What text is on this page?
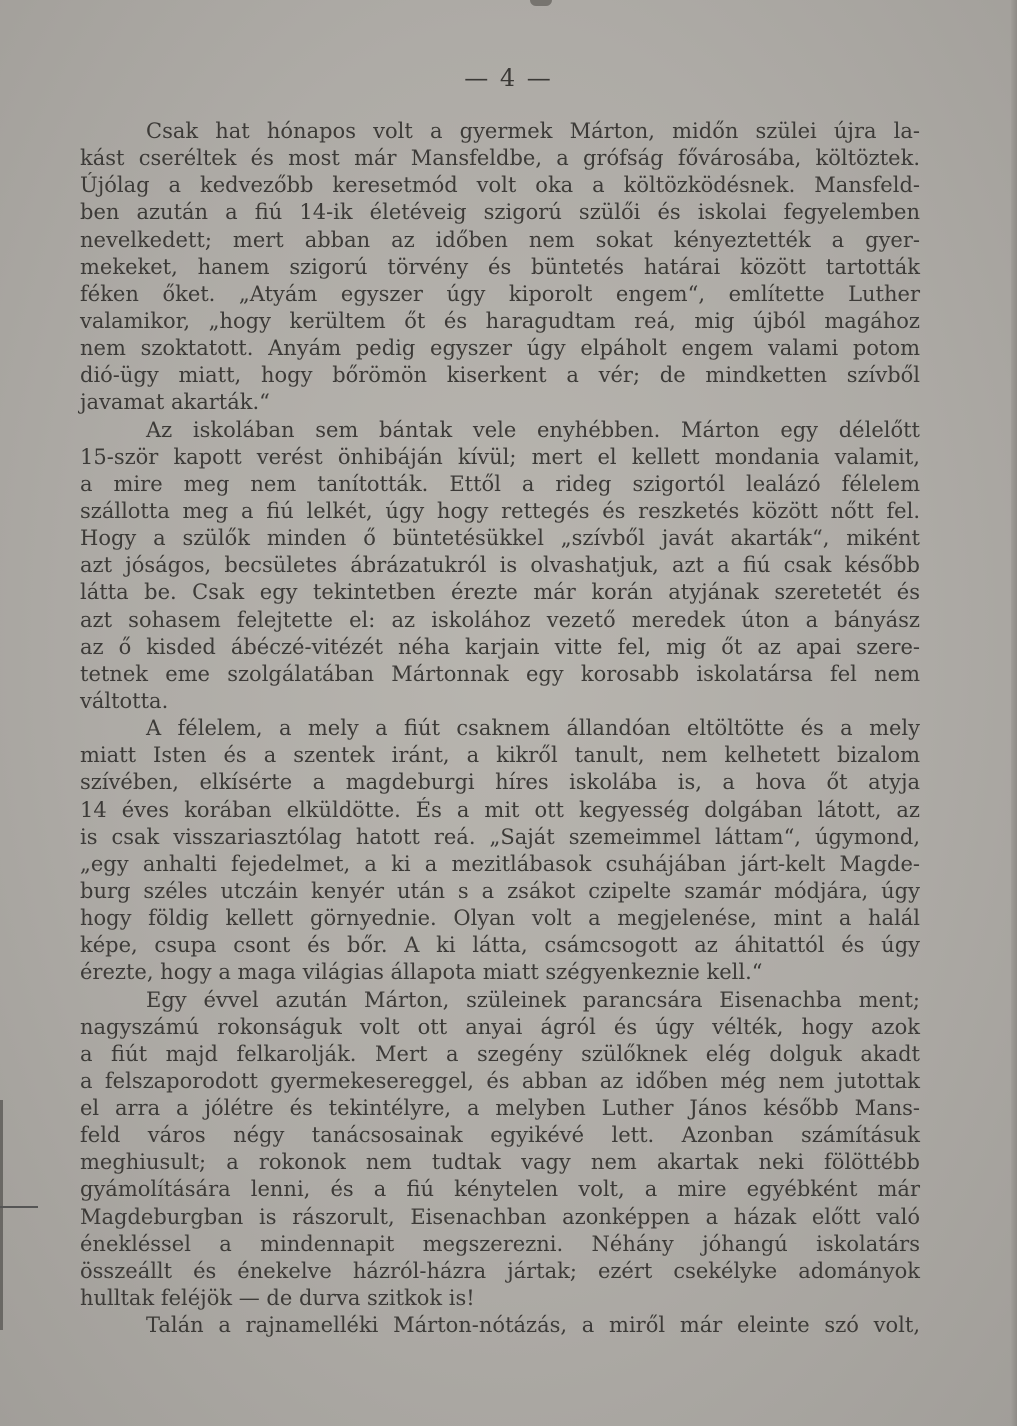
— 4 —
Csak hat hónapos volt a gyermek Márton, midőn szülei újra la-
kást cseréltek és most már Mansfeldbe, a grófság fővárosába, költöztek.
Újólag a kedvezőbb keresetmód volt oka a költözködésnek. Mansfeld-
ben azután a fiú 14-ik életéveig szigorú szülői és iskolai fegyelemben
nevelkedett; mert abban az időben nem sokat kényeztették a gyer-
mekeket, hanem szigorú törvény és büntetés határai között tartották
féken őket. „Atyám egyszer úgy kiporolt engem“, említette Luther
valamikor, „hogy kerültem őt és haragudtam reá, mig újból magához
nem szoktatott. Anyám pedig egyszer úgy elpáholt engem valami potom
dió-ügy miatt, hogy bőrömön kiserkent a vér; de mindketten szívből
javamat akarták.“
Az iskolában sem bántak vele enyhébben. Márton egy délelőtt
15-ször kapott verést önhibáján kívül; mert el kellett mondania valamit,
a mire meg nem tanították. Ettől a rideg szigortól lealázó félelem
szállotta meg a fiú lelkét, úgy hogy rettegés és reszketés között nőtt fel.
Hogy a szülők minden ő büntetésükkel „szívből javát akarták“, miként
azt jóságos, becsületes ábrázatukról is olvashatjuk, azt a fiú csak később
látta be. Csak egy tekintetben érezte már korán atyjának szeretetét és
azt sohasem felejtette el: az iskolához vezető meredek úton a bányász
az ő kisded ábéczé-vitézét néha karjain vitte fel, mig őt az apai szere-
tetnek eme szolgálatában Mártonnak egy korosabb iskolatársa fel nem
váltotta.
A félelem, a mely a fiút csaknem állandóan eltöltötte és a mely
miatt Isten és a szentek iránt, a kikről tanult, nem kelhetett bizalom
szívében, elkísérte a magdeburgi híres iskolába is, a hova őt atyja
14 éves korában elküldötte. És a mit ott kegyesség dolgában látott, az
is csak visszariasztólag hatott reá. „Saját szemeimmel láttam“, úgymond,
„egy anhalti fejedelmet, a ki a mezitlábasok csuhájában járt-kelt Magde-
burg széles utczáin kenyér után s a zsákot czipelte szamár módjára, úgy
hogy földig kellett görnyednie. Olyan volt a megjelenése, mint a halál
képe, csupa csont és bőr. A ki látta, csámcsogott az áhitattól és úgy
érezte, hogy a maga világias állapota miatt szégyenkeznie kell.“
Egy évvel azután Márton, szüleinek parancsára Eisenachba ment;
nagyszámú rokonságuk volt ott anyai ágról és úgy vélték, hogy azok
a fiút majd felkarolják. Mert a szegény szülőknek elég dolguk akadt
a felszaporodott gyermekesereggel, és abban az időben még nem jutottak
el arra a jólétre és tekintélyre, a melyben Luther János később Mans-
feld város négy tanácsosainak egyikévé lett. Azonban számításuk
meghiusult; a rokonok nem tudtak vagy nem akartak neki fölöttébb
gyámolítására lenni, és a fiú kénytelen volt, a mire egyébként már
Magdeburgban is rászorult, Eisenachban azonképpen a házak előtt való
énekléssel a mindennapit megszerezni. Néhány jóhangú iskolatárs
összeállt és énekelve házról-házra jártak; ezért csekélyke adományok
hulltak feléjök — de durva szitkok is!
Talán a rajnamelléki Márton-nótázás, a miről már eleinte szó volt,
